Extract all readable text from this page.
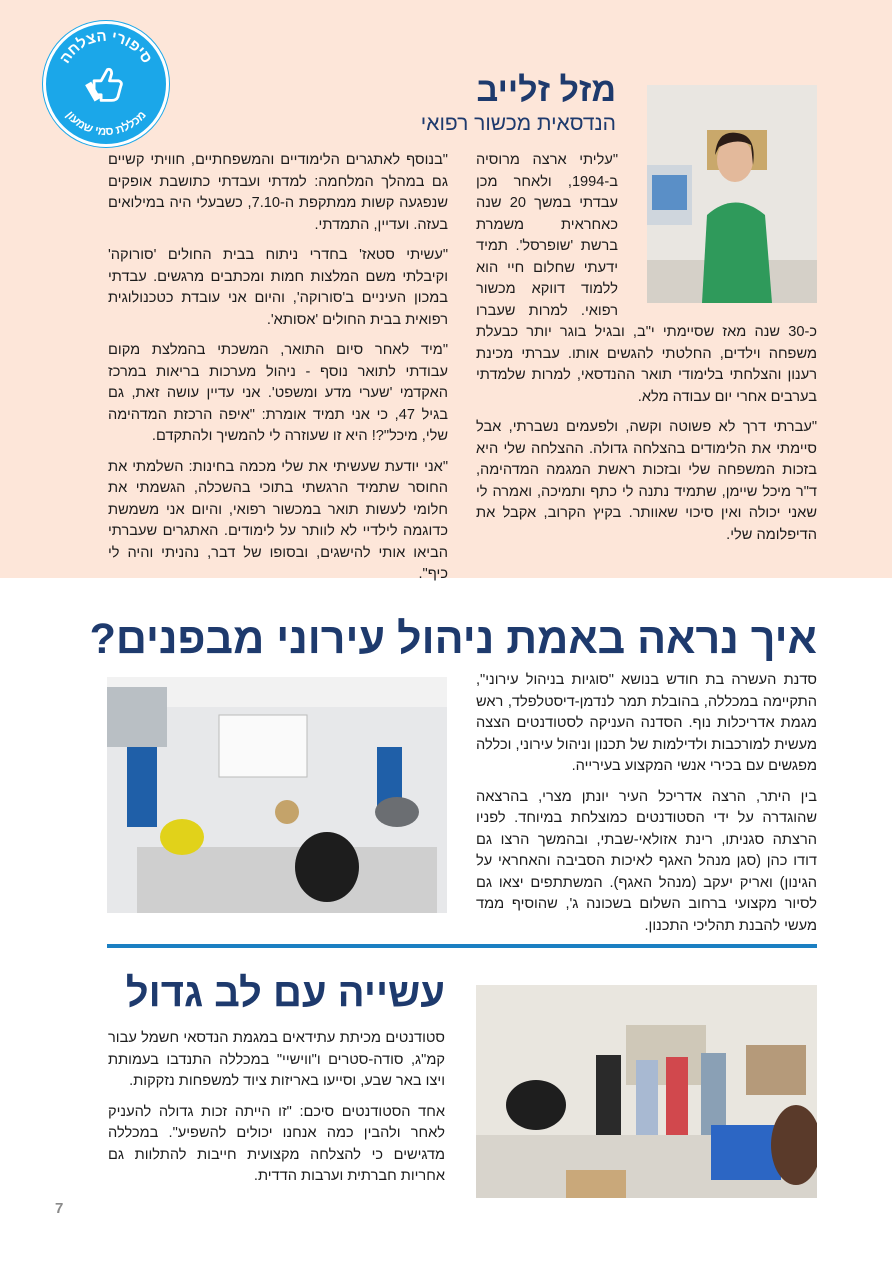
סיפורי הצלחה
מכללת סמי שמעון
מזל זלייב
הנדסאית מכשור רפואי

"עליתי ארצה מרוסיה ב-1994, ולאחר מכן עבדתי במשך 20 שנה כאחראית משמרת ברשת 'שופרסל'. תמיד ידעתי שחלום חיי הוא ללמוד דווקא מכשור רפואי. למרות שעברו כ-30 שנה מאז שסיימתי י"ב, ובגיל בוגר יותר כבעלת משפחה וילדים, החלטתי להגשים אותו. עברתי מכינת רענון והצלחתי בלימודי תואר ההנדסאי, למרות שלמדתי בערבים אחרי יום עבודה מלא.

"עברתי דרך לא פשוטה וקשה, ולפעמים נשברתי, אבל סיימתי את הלימודים בהצלחה גדולה. ההצלחה שלי היא בזכות המשפחה שלי ובזכות ראשת המגמה המדהימה, ד"ר מיכל שיימן, שתמיד נתנה לי כתף ותמיכה, ואמרה לי שאני יכולה ואין סיכוי שאוותר. בקיץ הקרוב, אקבל את הדיפלומה שלי.

"בנוסף לאתגרים הלימודיים והמשפחתיים, חוויתי קשיים גם במהלך המלחמה: למדתי ועבדתי כתושבת אופקים שנפגעה קשות ממתקפת ה-7.10, כשבעלי היה במילואים בעזה. ועדיין, התמדתי.

"עשיתי סטאז' בחדרי ניתוח בבית החולים 'סורוקה' וקיבלתי משם המלצות חמות ומכתבים מרגשים. עבדתי במכון העיניים ב'סורוקה', והיום אני עובדת כטכנולוגית רפואית בבית החולים 'אסותא'.

"מיד לאחר סיום התואר, המשכתי בהמלצת מקום עבודתי לתואר נוסף - ניהול מערכות בריאות במרכז האקדמי 'שערי מדע ומשפט'. אני עדיין עושה זאת, גם בגיל 47, כי אני תמיד אומרת: "איפה הרכזת המדהימה שלי, מיכל"?! היא זו שעוזרה לי להמשיך ולהתקדם.

"אני יודעת שעשיתי את שלי מכמה בחינות: השלמתי את החוסר שתמיד הרגשתי בתוכי בהשכלה, הגשמתי את חלומי לעשות תואר במכשור רפואי, והיום אני משמשת כדוגמה לילדיי לא לוותר על לימודים. האתגרים שעברתי הביאו אותי להישגים, ובסופו של דבר, נהניתי והיה לי כיף".

איך נראה באמת ניהול עירוני מבפנים?

סדנת העשרה בת חודש בנושא "סוגיות בניהול עירוני", התקיימה במכללה, בהובלת תמר לנדמן-דיסטלפלד, ראש מגמת אדריכלות נוף. הסדנה העניקה לסטודנטים הצצה מעשית למורכבות ולדילמות של תכנון וניהול עירוני, וכללה מפגשים עם בכירי אנשי המקצוע בעירייה.

בין היתר, הרצה אדריכל העיר יונתן מצרי, בהרצאה שהוגדרה על ידי הסטודנטים כמוצלחת במיוחד. לפניו הרצתה סגניתו, רינת אזולאי-שבתי, ובהמשך הרצו גם דודו כהן (סגן מנהל האגף לאיכות הסביבה והאחראי על הגינון) ואריק יעקב (מנהל האגף). המשתתפים יצאו גם לסיור מקצועי ברחוב השלום בשכונה ג', שהוסיף ממד מעשי להבנת תהליכי התכנון.

עשייה עם לב גדול

סטודנטים מכיתת עתידאים במגמת הנדסאי חשמל עבור קמ"ג, סודה-סטרים ו"ווישיי" במכללה התנדבו בעמותת ויצו באר שבע, וסייעו באריזות ציוד למשפחות נזקקות.

אחד הסטודנטים סיכם: "זו הייתה זכות גדולה להעניק לאחר ולהבין כמה אנחנו יכולים להשפיע". במכללה מדגישים כי להצלחה מקצועית חייבות להתלוות גם אחריות חברתית וערבות הדדית.

7
